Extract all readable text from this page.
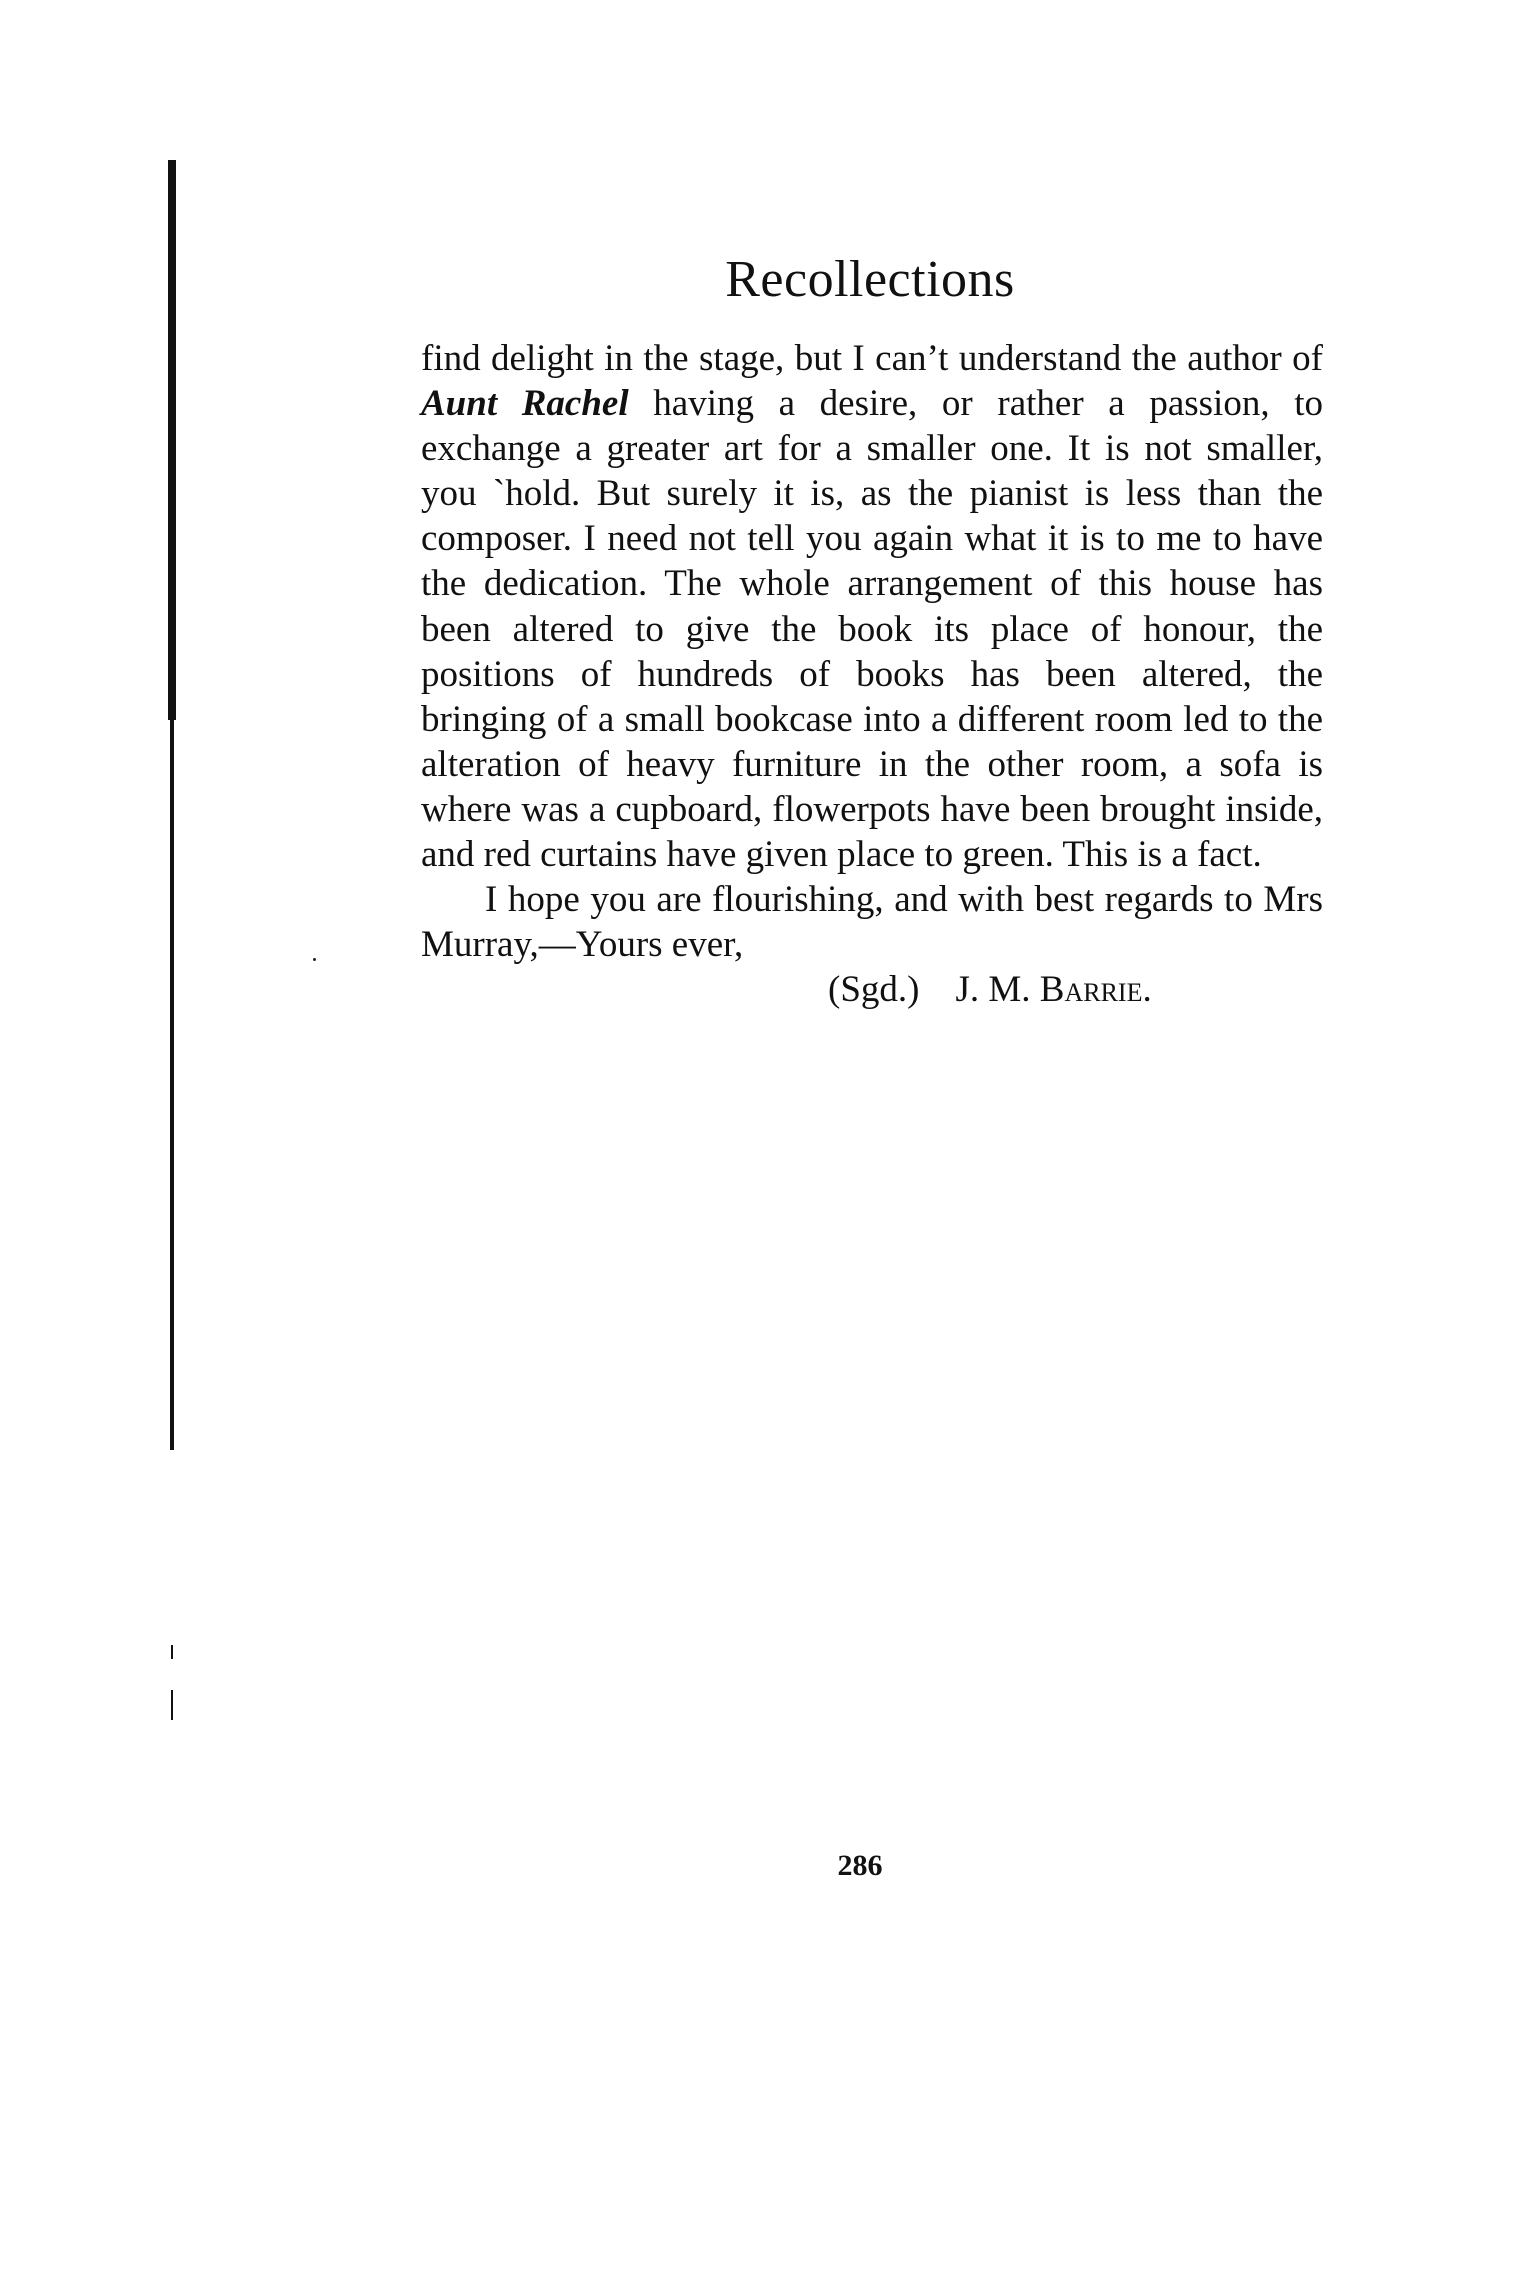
Recollections

find delight in the stage, but I can’t understand the author of Aunt Rachel having a desire, or rather a passion, to exchange a greater art for a smaller one. It is not smaller, you `hold. But surely it is, as the pianist is less than the composer. I need not tell you again what it is to me to have the dedication. The whole arrangement of this house has been altered to give the book its place of honour, the positions of hundreds of books has been altered, the bringing of a small bookcase into a different room led to the alteration of heavy furniture in the other room, a sofa is where was a cupboard, flowerpots have been brought inside, and red curtains have given place to green. This is a fact.

I hope you are flourishing, and with best regards to Mrs Murray,—Yours ever,

(Sgd.) J. M. Barrie.

286
